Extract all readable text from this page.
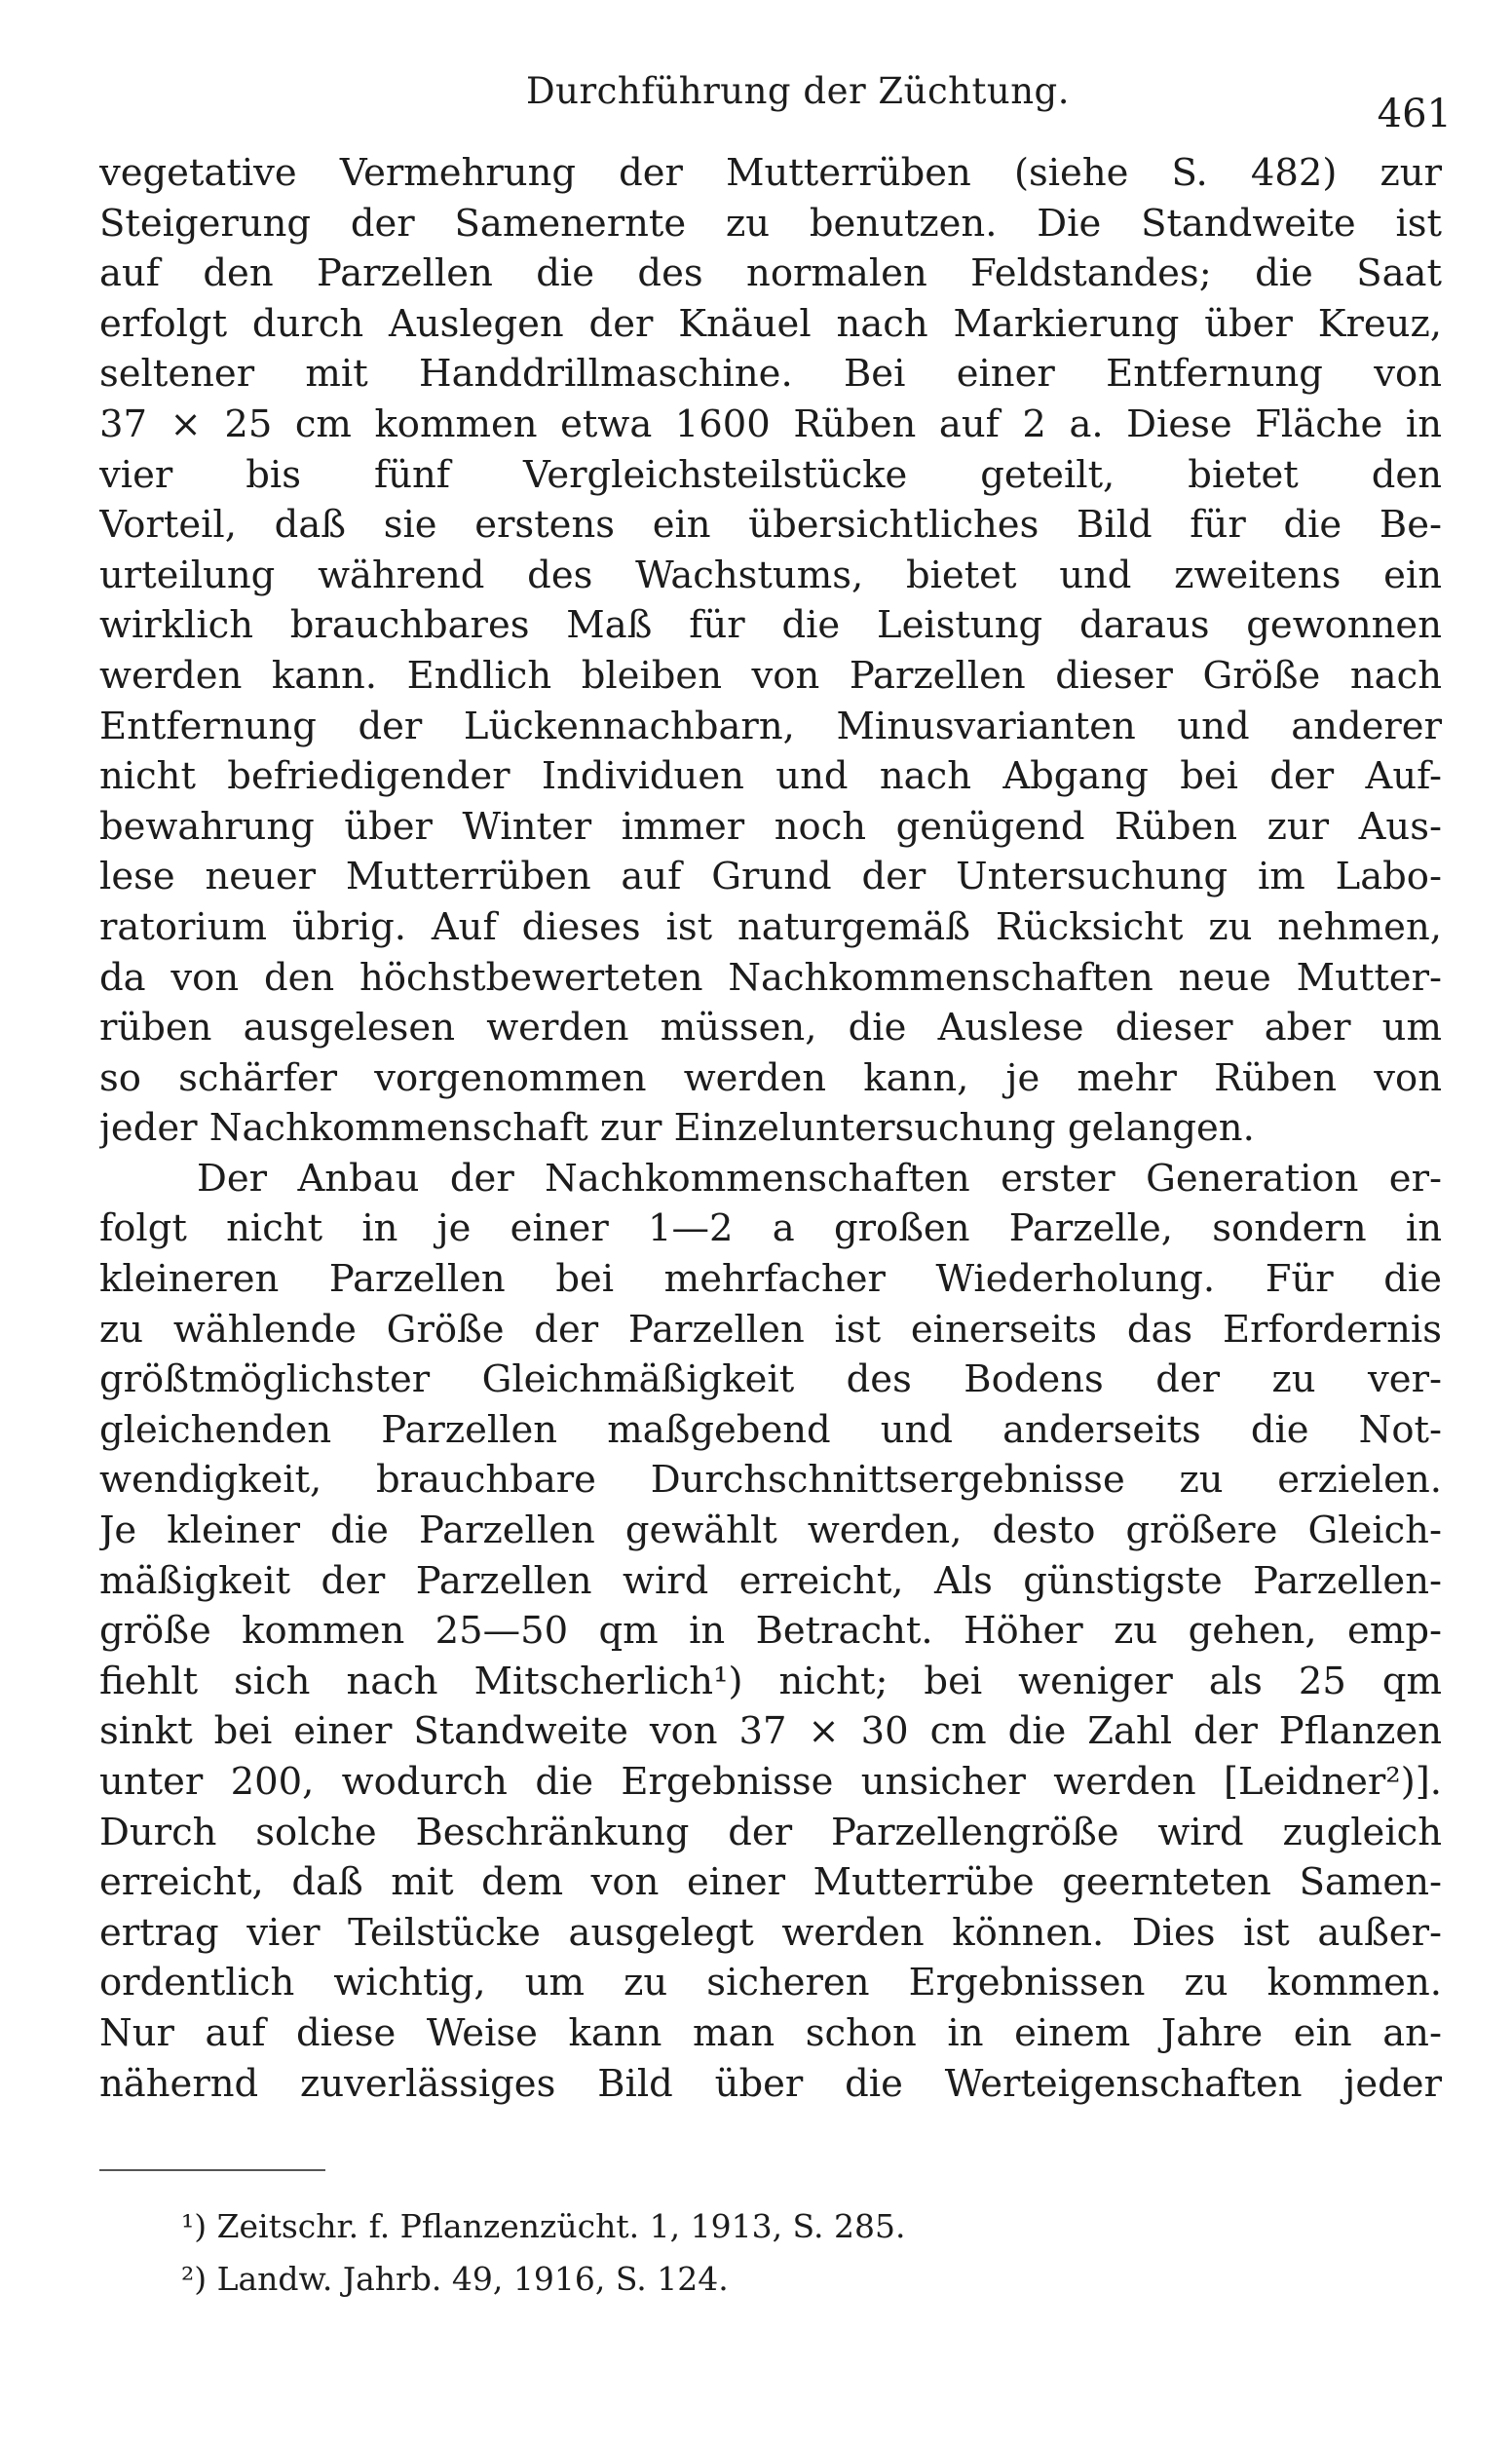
Durchführung der Züchtung.
461
vegetative Vermehrung der Mutterrüben (siehe S. 482) zur
Steigerung der Samenernte zu benutzen. Die Standweite ist
auf den Parzellen die des normalen Feldstandes; die Saat
erfolgt durch Auslegen der Knäuel nach Markierung über Kreuz,
seltener mit Handdrillmaschine. Bei einer Entfernung von
37 × 25 cm kommen etwa 1600 Rüben auf 2 a. Diese Fläche in
vier bis fünf Vergleichsteilstücke geteilt, bietet den
Vorteil, daß sie erstens ein übersichtliches Bild für die Be-
urteilung während des Wachstums, bietet und zweitens ein
wirklich brauchbares Maß für die Leistung daraus gewonnen
werden kann. Endlich bleiben von Parzellen dieser Größe nach
Entfernung der Lückennachbarn, Minusvarianten und anderer
nicht befriedigender Individuen und nach Abgang bei der Auf-
bewahrung über Winter immer noch genügend Rüben zur Aus-
lese neuer Mutterrüben auf Grund der Untersuchung im Labo-
ratorium übrig. Auf dieses ist naturgemäß Rücksicht zu nehmen,
da von den höchstbewerteten Nachkommenschaften neue Mutter-
rüben ausgelesen werden müssen, die Auslese dieser aber um
so schärfer vorgenommen werden kann, je mehr Rüben von
jeder Nachkommenschaft zur Einzeluntersuchung gelangen.
Der Anbau der Nachkommenschaften erster Generation er-
folgt nicht in je einer 1—2 a großen Parzelle, sondern in
kleineren Parzellen bei mehrfacher Wiederholung. Für die
zu wählende Größe der Parzellen ist einerseits das Erfordernis
größtmöglichster Gleichmäßigkeit des Bodens der zu ver-
gleichenden Parzellen maßgebend und anderseits die Not-
wendigkeit, brauchbare Durchschnittsergebnisse zu erzielen.
Je kleiner die Parzellen gewählt werden, desto größere Gleich-
mäßigkeit der Parzellen wird erreicht, Als günstigste Parzellen-
größe kommen 25—50 qm in Betracht. Höher zu gehen, emp-
fiehlt sich nach Mitscherlich¹) nicht; bei weniger als 25 qm
sinkt bei einer Standweite von 37 × 30 cm die Zahl der Pflanzen
unter 200, wodurch die Ergebnisse unsicher werden [Leidner²)].
Durch solche Beschränkung der Parzellengröße wird zugleich
erreicht, daß mit dem von einer Mutterrübe geernteten Samen-
ertrag vier Teilstücke ausgelegt werden können. Dies ist außer-
ordentlich wichtig, um zu sicheren Ergebnissen zu kommen.
Nur auf diese Weise kann man schon in einem Jahre ein an-
nähernd zuverlässiges Bild über die Werteigenschaften jeder
¹) Zeitschr. f. Pflanzenzücht. 1, 1913, S. 285.
²) Landw. Jahrb. 49, 1916, S. 124.
